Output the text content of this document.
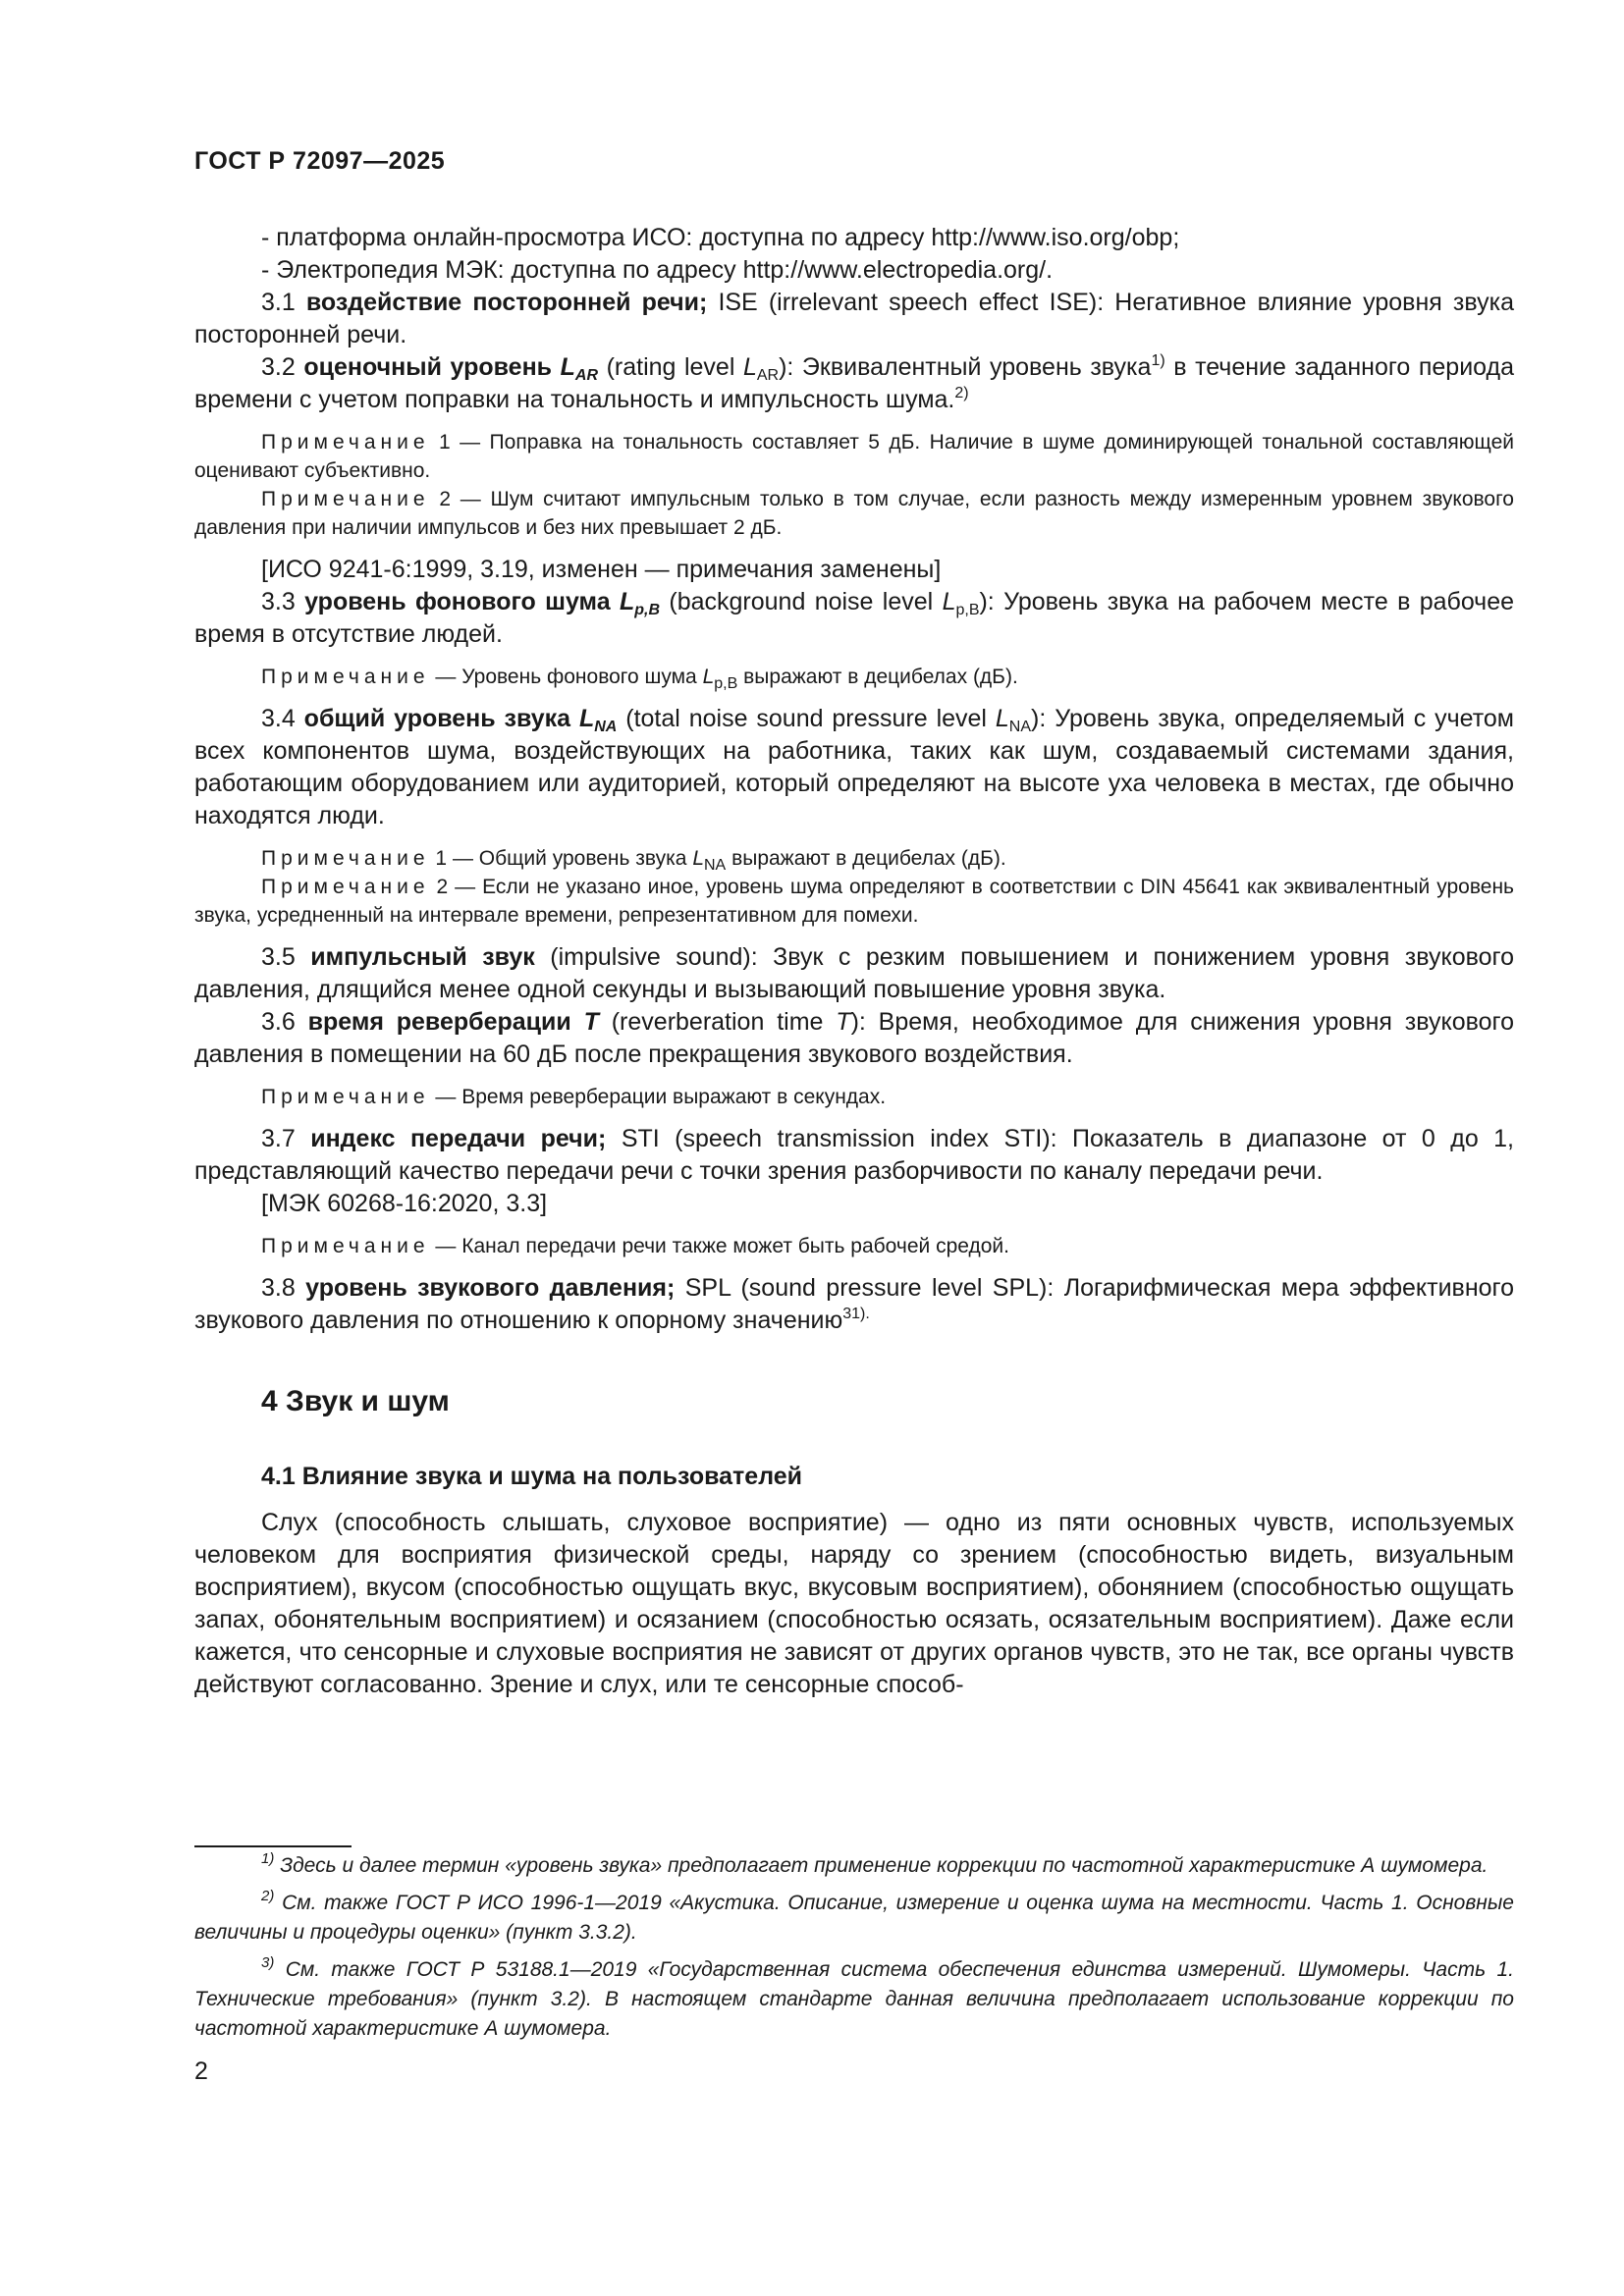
ГОСТ Р 72097—2025

- платформа онлайн-просмотра ИСО: доступна по адресу http://www.iso.org/obp;

- Электропедия МЭК: доступна по адресу http://www.electropedia.org/.

3.1 воздействие посторонней речи; ISE (irrelevant speech effect ISE): Негативное влияние уровня звука посторонней речи.

3.2 оценочный уровень $L_{AR}$ (rating level $L_{AR}$): Эквивалентный уровень звука$^{1)}$ в течение заданного периода времени с учетом поправки на тональность и импульсность шума.$^{2)}$

Примечание 1 — Поправка на тональность составляет 5 дБ. Наличие в шуме доминирующей тональной составляющей оценивают субъективно.

Примечание 2 — Шум считают импульсным только в том случае, если разность между измеренным уровнем звукового давления при наличии импульсов и без них превышает 2 дБ.

[ИСО 9241-6:1999, 3.19, изменен — примечания заменены]

3.3 уровень фонового шума $L_{p,B}$ (background noise level $L_{p,B}$): Уровень звука на рабочем месте в рабочее время в отсутствие людей.

Примечание — Уровень фонового шума $L_{p,B}$ выражают в децибелах (дБ).

3.4 общий уровень звука $L_{NA}$ (total noise sound pressure level $L_{NA}$): Уровень звука, определяемый с учетом всех компонентов шума, воздействующих на работника, таких как шум, создаваемый системами здания, работающим оборудованием или аудиторией, который определяют на высоте уха человека в местах, где обычно находятся люди.

Примечание 1 — Общий уровень звука $L_{NA}$ выражают в децибелах (дБ).

Примечание 2 — Если не указано иное, уровень шума определяют в соответствии с DIN 45641 как эквивалентный уровень звука, усредненный на интервале времени, репрезентативном для помехи.

3.5 импульсный звук (impulsive sound): Звук с резким повышением и понижением уровня звукового давления, длящийся менее одной секунды и вызывающий повышение уровня звука.

3.6 время реверберации T (reverberation time T): Время, необходимое для снижения уровня звукового давления в помещении на 60 дБ после прекращения звукового воздействия.

Примечание — Время реверберации выражают в секундах.

3.7 индекс передачи речи; STI (speech transmission index STI): Показатель в диапазоне от 0 до 1, представляющий качество передачи речи с точки зрения разборчивости по каналу передачи речи.

[МЭК 60268-16:2020, 3.3]

Примечание — Канал передачи речи также может быть рабочей средой.

3.8 уровень звукового давления; SPL (sound pressure level SPL): Логарифмическая мера эффективного звукового давления по отношению к опорному значению$^{31).}$

4 Звук и шум
4.1 Влияние звука и шума на пользователей

Слух (способность слышать, слуховое восприятие) — одно из пяти основных чувств, используемых человеком для восприятия физической среды, наряду со зрением (способностью видеть, визуальным восприятием), вкусом (способностью ощущать вкус, вкусовым восприятием), обонянием (способностью ощущать запах, обонятельным восприятием) и осязанием (способностью осязать, осязательным восприятием). Даже если кажется, что сенсорные и слуховые восприятия не зависят от других органов чувств, это не так, все органы чувств действуют согласованно. Зрение и слух, или те сенсорные способ-

$^{1)}$ Здесь и далее термин «уровень звука» предполагает применение коррекции по частотной характеристике А шумомера.

$^{2)}$ См. также ГОСТ Р ИСО 1996-1—2019 «Акустика. Описание, измерение и оценка шума на местности. Часть 1. Основные величины и процедуры оценки» (пункт 3.3.2).

$^{3)}$ См. также ГОСТ Р 53188.1—2019 «Государственная система обеспечения единства измерений. Шумомеры. Часть 1. Технические требования» (пункт 3.2). В настоящем стандарте данная величина предполагает использование коррекции по частотной характеристике А шумомера.

2
